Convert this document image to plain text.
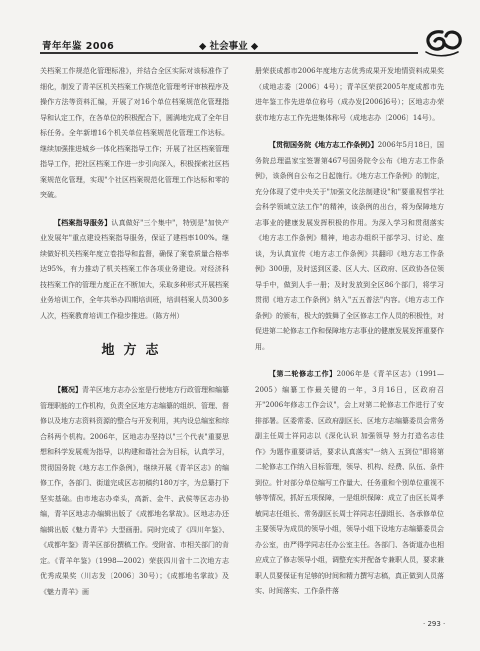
青年年鉴 2006	◆ 社会事业 ◆

关档案工作规范化管理标准》，并结合全区实际对该标准作了细化，制发了青羊区机关档案工作规范化管理考评审核程序及操作方法等资料汇编，开展了对16个单位档案规范化管理指导和认定工作，在各单位的积极配合下，圆满地完成了全年目标任务。全年新增16个机关单位档案规范化管理工作达标。继续加强推进城乡一体化档案指导工作；开展了社区档案管理指导工作，把社区档案工作进一步引向深入，积极探索社区档案规范化管理，实现"个社区档案规范化管理工作达标和零的突破。

【档案指导服务】认真做好"三个集中"，特别是"加快产业发展年"重点建设档案指导服务，保证了建档率100%。继续做好机关档案年度立卷指导和监督，确保了案卷质量合格率达95%，有力推动了机关档案工作各项业务建设。对经济科技档案工作的管理力度正在不断加大，采取多种形式开展档案业务培训工作，全年共举办四期培训班，培训档案人员300多人次，档案教育培训工作稳步推进。（陈方州）

地方志

【概况】青羊区地方志办公室是行使地方行政管理和编纂管理职能的工作机构，负责全区地方志编纂的组织、管理、督修以及地方志资料资源的整合与开发利用，其内设总编室和综合科两个机构。2006年，区地志办坚持以"三个代表"重要思想和科学发展观为指导，以构建和谐社会为目标，认真学习，贯彻国务院《地方志工作条例》，继续开展《青羊区志》的编修工作，各部门、街道完成区志初稿约180万字，为总纂打下坚实基础。由市地志办牵头，高新、金牛、武侯等区志办协编，青羊区地志办编辑出版了《成都地名掌故》。区地志办还编辑出版《魅力青羊》大型画册。同时完成了《四川年鉴》、《成都年鉴》青羊区部份撰稿工作。受附省、市相关部门的肯定。《青羊年鉴》（1998—2002）荣获四川省十二次地方志优秀成果奖（川志发〔2006〕30号）；《成都地名掌故》及《魅力青羊》画

册荣获成都市2006年度地方志优秀成果开发地情资料成果奖（成地志委〔2006〕4号）；青羊区荣获2005年度成都市先进年鉴工作先进单位称号（成办发[2006]6号）；区地志办荣获市地方志工作先进集体称号（成地志办〔2006〕14号）。

【贯彻国务院《地方志工作条例》】2006年5月18日，国务院总理温家宝签署第467号国务院令公布《地方志工作条例》，该条例自公布之日起施行。《地方志工作条例》的制定，充分体现了党中央关于"加强文化法制建设"和"要重视哲学社会科学领域立法工作"的精神，该条例的出台，将为保障地方志事业的健康发展发挥积极的作用。为深入学习和贯彻落实《地方志工作条例》精神，地志办组织干部学习、讨论、座谈，为认真宣传《地方志工作条例》共翻印《地方志工作条例》300册，及时送到区委、区人大、区政府、区政协各位领导手中，做到人手一册；及时发放到全区86个部门，将学习贯彻《地方志工作条例》纳入"五五普法"内容。《地方志工作条例》的颁布，极大的鼓舞了全区修志工作人员的积极性，对促进第二轮修志工作和保障地方志事业的健康发展发挥重要作用。

【第二轮修志工作】2006年是《青羊区志》（1991—2005）编纂工作最关键的一年，3月16日，区政府召开"2006年修志工作会议"，会上对第二轮修志工作进行了安排部署。区委常委、区政府副区长、区地方志编纂委员会常务副主任周士祥同志以《深化认识 加强领导 努力打造名志佳作》为题作重要讲话，要求认真落实"一纳入 五到位"即将第二轮修志工作纳入目标管理，领导、机构、经费、队伍、条件到位。针对部分单位编写工作量大、任务重和个别单位重视不够等情况，抓好五项保障，一是组织保障：成立了由区长周孝敏同志任组长、常务副区长周士祥同志任副组长、各承修单位主要领导为成员的领导小组，领导小组下设地方志编纂委员会办公室，由严得学同志任办公室主任。各部门、各街道办也相应成立了修志领导小组，调整充实并配备专兼职人员，要求兼职人员要保证有足够的时间和精力撰写志稿，真正做到人员落实、时间落实、工作条件落

· 293 ·
